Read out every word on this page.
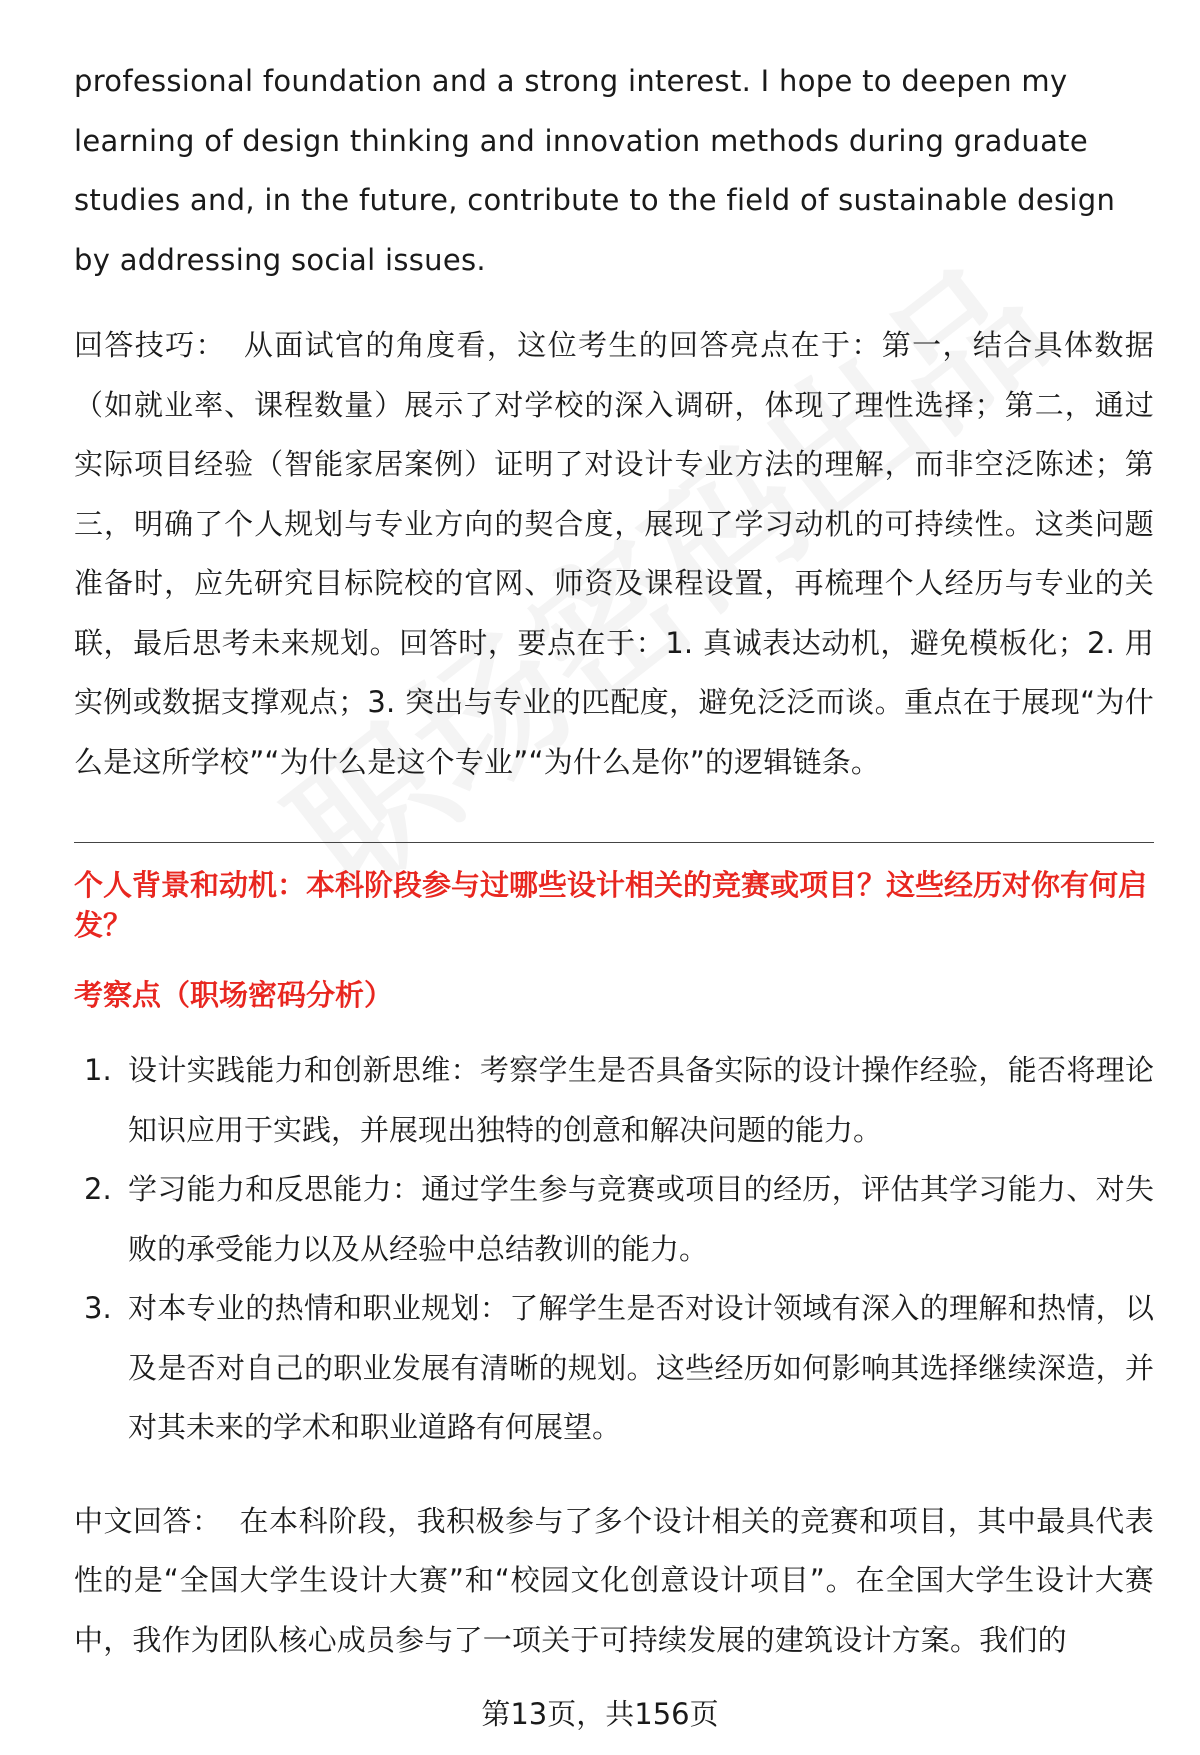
professional foundation and a strong interest. I hope to deepen my learning of design thinking and innovation methods during graduate studies and, in the future, contribute to the field of sustainable design by addressing social issues.

回答技巧： 从面试官的角度看，这位考生的回答亮点在于：第一，结合具体数据（如就业率、课程数量）展示了对学校的深入调研，体现了理性选择；第二，通过实际项目经验（智能家居案例）证明了对设计专业方法的理解，而非空泛陈述；第三，明确了个人规划与专业方向的契合度，展现了学习动机的可持续性。这类问题准备时，应先研究目标院校的官网、师资及课程设置，再梳理个人经历与专业的关联，最后思考未来规划。回答时，要点在于：1. 真诚表达动机，避免模板化；2. 用实例或数据支撑观点；3. 突出与专业的匹配度，避免泛泛而谈。重点在于展现“为什么是这所学校”“为什么是这个专业”“为什么是你”的逻辑链条。

个人背景和动机：本科阶段参与过哪些设计相关的竞赛或项目？这些经历对你有何启发？

考察点（职场密码分析）

1. 设计实践能力和创新思维：考察学生是否具备实际的设计操作经验，能否将理论知识应用于实践，并展现出独特的创意和解决问题的能力。
2. 学习能力和反思能力：通过学生参与竞赛或项目的经历，评估其学习能力、对失败的承受能力以及从经验中总结教训的能力。
3. 对本专业的热情和职业规划：了解学生是否对设计领域有深入的理解和热情，以及是否对自己的职业发展有清晰的规划。这些经历如何影响其选择继续深造，并对其未来的学术和职业道路有何展望。

中文回答： 在本科阶段，我积极参与了多个设计相关的竞赛和项目，其中最具代表性的是“全国大学生设计大赛”和“校园文化创意设计项目”。在全国大学生设计大赛中，我作为团队核心成员参与了一项关于可持续发展的建筑设计方案。我们的

第13页，共156页
